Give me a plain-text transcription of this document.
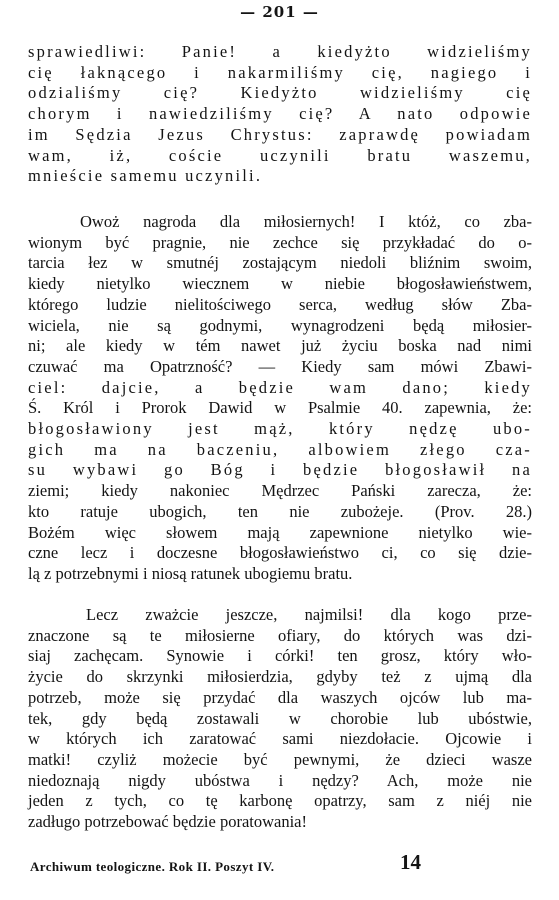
— 201 —
sprawiedliwi: Panie! a kiedyżto widzieliśmy
cię łaknącego i nakarmiliśmy cię, nagiego i
odzialiśmy cię? Kiedyżto widzieliśmy cię
chorym i nawiedziliśmy cię? A nato odpowie
im Sędzia Jezus Chrystus: zaprawdę powiadam
wam, iż, coście uczynili bratu waszemu,
mnieście samemu uczynili.
Owoż nagroda dla miłosiernych! I któż, co zba-
wionym być pragnie, nie zechce się przykładać do o-
tarcia łez w smutnéj zostającym niedoli bliźnim swoim,
kiedy nietylko wiecznem w niebie błogosławieństwem,
którego ludzie nielitościwego serca, według słów Zba-
wiciela, nie są godnymi, wynagrodzeni będą miłosier-
ni; ale kiedy w tém nawet już życiu boska nad nimi
czuwać ma Opatrzność? — Kiedy sam mówi Zbawi-
ciel: dajcie, a będzie wam dano; kiedy
Ś. Król i Prorok Dawid w Psalmie 40. zapewnia, że:
błogosławiony jest mąż, który nędzę ubo-
gich ma na baczeniu, albowiem złego cza-
su wybawi go Bóg i będzie błogosławił na
ziemi; kiedy nakoniec Mędrzec Pański zarecza, że:
kto ratuje ubogich, ten nie zubożeje. (Prov. 28.)
Bożém więc słowem mają zapewnione nietylko wie-
czne lecz i doczesne błogosławieństwo ci, co się dzie-
lą z potrzebnymi i niosą ratunek ubogiemu bratu.
Lecz zważcie jeszcze, najmilsi! dla kogo prze-
znaczone są te miłosierne ofiary, do których was dzi-
siaj zachęcam. Synowie i córki! ten grosz, który wło-
życie do skrzynki miłosierdzia, gdyby też z ujmą dla
potrzeb, może się przydać dla waszych ojców lub ma-
tek, gdy będą zostawali w chorobie lub ubóstwie,
w których ich zaratować sami niezdołacie. Ojcowie i
matki! czyliż możecie być pewnymi, że dzieci wasze
niedoznają nigdy ubóstwa i nędzy? Ach, może nie
jeden z tych, co tę karbonę opatrzy, sam z niéj nie
zadługo potrzebować będzie poratowania!
Archiwum teologiczne. Rok II. Poszyt IV.	14
